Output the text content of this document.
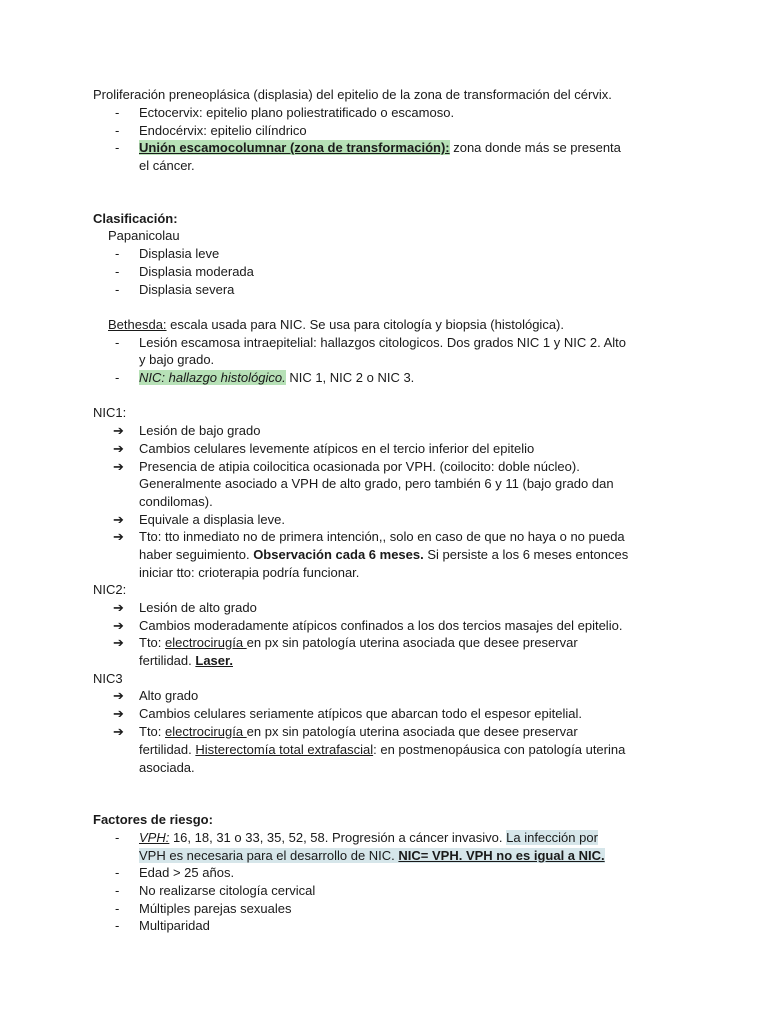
Proliferación preneoplásica (displasia) del epitelio de la zona de transformación del cérvix.
- Ectocervix: epitelio plano poliestratificado o escamoso.
- Endocérvix: epitelio cilíndrico
- Unión escamocolumnar (zona de transformación): zona donde más se presenta
el cáncer.
Clasificación:
Papanicolau
- Displasia leve
- Displasia moderada
- Displasia severa
Bethesda: escala usada para NIC. Se usa para citología y biopsia (histológica).
- Lesión escamosa intraepitelial: hallazgos citologicos. Dos grados NIC 1 y NIC 2. Alto
y bajo grado.
- NIC: hallazgo histológico. NIC 1, NIC 2 o NIC 3.
NIC1:
➔ Lesión de bajo grado
➔ Cambios celulares levemente atípicos en el tercio inferior del epitelio
➔ Presencia de atipia coilocitica ocasionada por VPH. (coilocito: doble núcleo).
Generalmente asociado a VPH de alto grado, pero también 6 y 11 (bajo grado dan
condilomas).
➔ Equivale a displasia leve.
➔ Tto: tto inmediato no de primera intención,, solo en caso de que no haya o no pueda
haber seguimiento. Observación cada 6 meses. Si persiste a los 6 meses entonces
iniciar tto: crioterapia podría funcionar.
NIC2:
➔ Lesión de alto grado
➔ Cambios moderadamente atípicos confinados a los dos tercios masajes del epitelio.
➔ Tto: electrocirugía en px sin patología uterina asociada que desee preservar
fertilidad. Laser.
NIC3
➔ Alto grado
➔ Cambios celulares seriamente atípicos que abarcan todo el espesor epitelial.
➔ Tto: electrocirugía en px sin patología uterina asociada que desee preservar
fertilidad. Histerectomía total extrafascial: en postmenopáusica con patología uterina
asociada.
Factores de riesgo:
- VPH: 16, 18, 31 o 33, 35, 52, 58. Progresión a cáncer invasivo. La infección por
VPH es necesaria para el desarrollo de NIC. NIC= VPH. VPH no es igual a NIC.
- Edad > 25 años.
- No realizarse citología cervical
- Múltiples parejas sexuales
- Multiparidad
